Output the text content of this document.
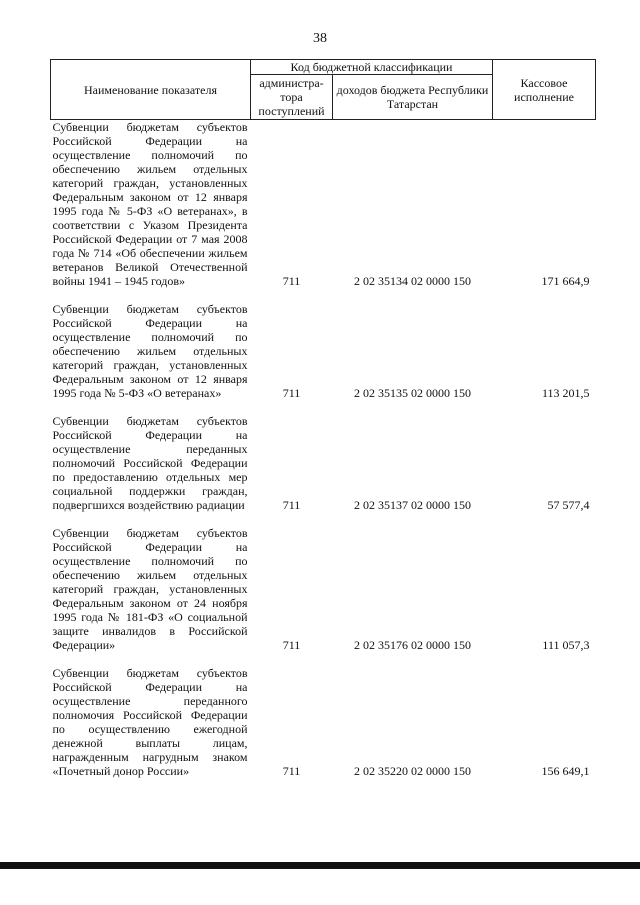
38
Наименование показателя	Код бюджетной классификации		Кассовое исполнение
	администра-тора поступлений	доходов бюджета Республики Татарстан	
Субвенции бюджетам субъектов Российской Федерации на осуществление полномочий по обеспечению жильем отдельных категорий граждан, установленных Федеральным законом от 12 января 1995 года № 5-ФЗ «О ветеранах», в соответствии с Указом Президента Российской Федерации от 7 мая 2008 года № 714 «Об обеспечении жильем ветеранов Великой Отечественной войны 1941 – 1945 годов»	711	2 02 35134 02 0000 150	171 664,9

Субвенции бюджетам субъектов Российской Федерации на осуществление полномочий по обеспечению жильем отдельных категорий граждан, установленных Федеральным законом от 12 января 1995 года № 5-ФЗ «О ветеранах»	711	2 02 35135 02 0000 150	113 201,5

Субвенции бюджетам субъектов Российской Федерации на осуществление переданных полномочий Российской Федерации по предоставлению отдельных мер социальной поддержки граждан, подвергшихся воздействию радиации	711	2 02 35137 02 0000 150	57 577,4

Субвенции бюджетам субъектов Российской Федерации на осуществление полномочий по обеспечению жильем отдельных категорий граждан, установленных Федеральным законом от 24 ноября 1995 года № 181-ФЗ «О социальной защите инвалидов в Российской Федерации»	711	2 02 35176 02 0000 150	111 057,3

Субвенции бюджетам субъектов Российской Федерации на осуществление переданного полномочия Российской Федерации по осуществлению ежегодной денежной выплаты лицам, награжденным нагрудным знаком «Почетный донор России»	711	2 02 35220 02 0000 150	156 649,1
